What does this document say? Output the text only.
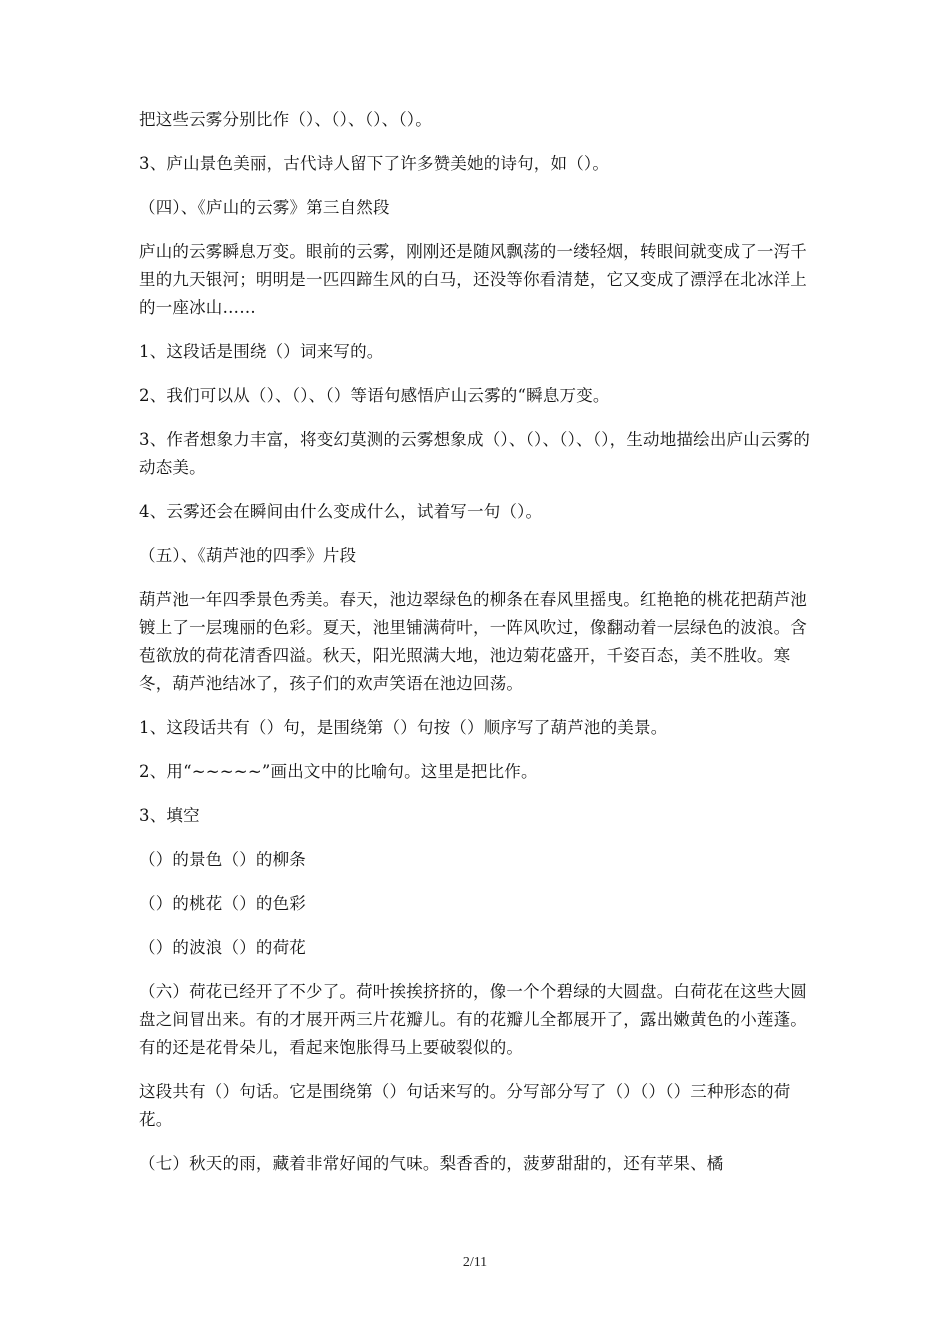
把这些云雾分别比作（）、（）、（）、（）。

3、庐山景色美丽，古代诗人留下了许多赞美她的诗句，如（）。

（四）、《庐山的云雾》第三自然段

庐山的云雾瞬息万变。眼前的云雾，刚刚还是随风飘荡的一缕轻烟，转眼间就变成了一泻千里的九天银河；明明是一匹四蹄生风的白马，还没等你看清楚，它又变成了漂浮在北冰洋上的一座冰山……

1、这段话是围绕（）词来写的。

2、我们可以从（）、（）、（）等语句感悟庐山云雾的“瞬息万变。

3、作者想象力丰富，将变幻莫测的云雾想象成（）、（）、（）、（），生动地描绘出庐山云雾的动态美。

4、云雾还会在瞬间由什么变成什么，试着写一句（）。

（五）、《葫芦池的四季》片段

葫芦池一年四季景色秀美。春天，池边翠绿色的柳条在春风里摇曳。红艳艳的桃花把葫芦池镀上了一层瑰丽的色彩。夏天，池里铺满荷叶，一阵风吹过，像翻动着一层绿色的波浪。含苞欲放的荷花清香四溢。秋天，阳光照满大地，池边菊花盛开，千姿百态，美不胜收。寒冬，葫芦池结冰了，孩子们的欢声笑语在池边回荡。

1、这段话共有（）句，是围绕第（）句按（）顺序写了葫芦池的美景。

2、用“~~~~~”画出文中的比喻句。这里是把比作。

3、填空

（）的景色（）的柳条

（）的桃花（）的色彩

（）的波浪（）的荷花

（六）荷花已经开了不少了。荷叶挨挨挤挤的，像一个个碧绿的大圆盘。白荷花在这些大圆盘之间冒出来。有的才展开两三片花瓣儿。有的花瓣儿全都展开了，露出嫩黄色的小莲蓬。有的还是花骨朵儿，看起来饱胀得马上要破裂似的。

这段共有（）句话。它是围绕第（）句话来写的。分写部分写了（）（）（）三种形态的荷花。

（七）秋天的雨，藏着非常好闻的气味。梨香香的，菠萝甜甜的，还有苹果、橘

2/11
